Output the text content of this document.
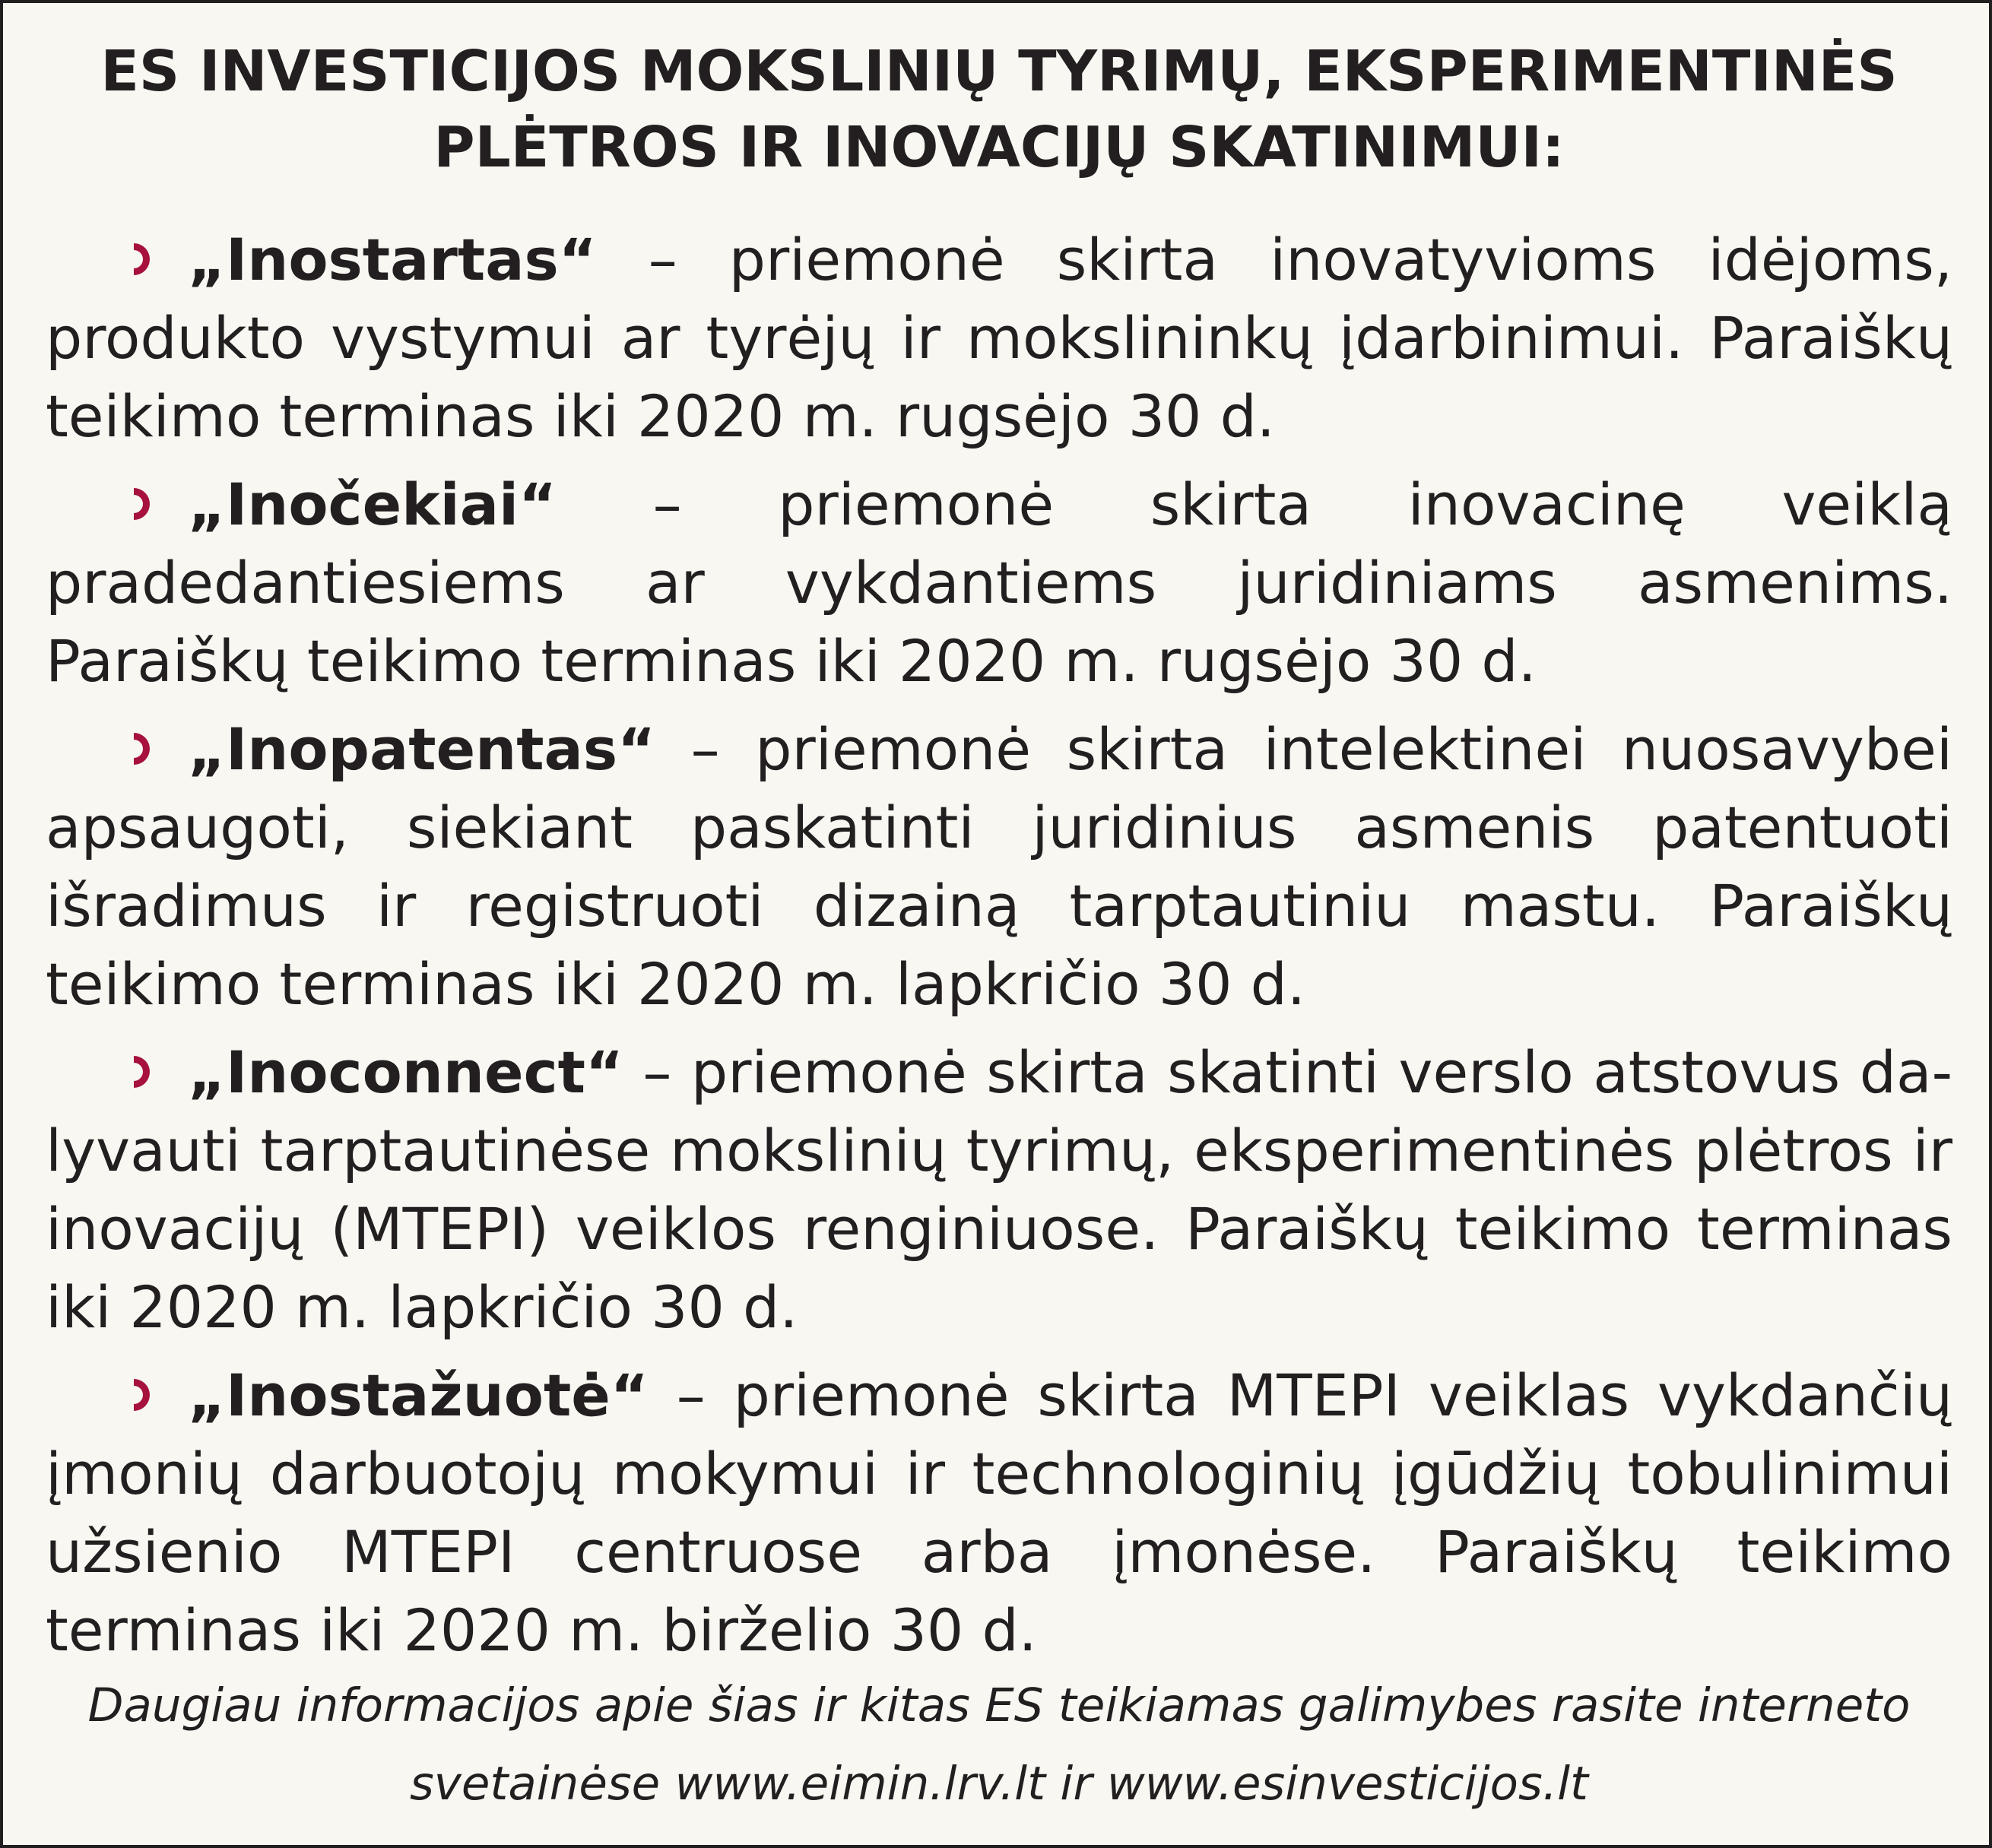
ES INVESTICIJOS MOKSLINIŲ TYRIMŲ, EKSPERIMENTINĖS
PLĖTROS IR INOVACIJŲ SKATINIMUI:
„Inostartas“ – priemonė skirta inovatyvioms idėjoms, produkto vystymui ar tyrėjų ir mokslininkų įdarbinimui. Paraiškų teikimo terminas iki 2020 m. rugsėjo 30 d.
„Inočekiai“ – priemonė skirta inovacinę veiklą pradedantiesiems ar vykdantiems juridiniams asmenims. Paraiškų teikimo terminas iki 2020 m. rugsėjo 30 d.
„Inopatentas“ – priemonė skirta intelektinei nuosavybei apsaugoti, siekiant paskatinti juridinius asmenis patentuoti išradimus ir registruoti dizainą tarptautiniu mastu. Paraiškų teikimo terminas iki 2020 m. lapkričio 30 d.
„Inoconnect“ – priemonė skirta skatinti verslo atstovus dalyvauti tarptautinėse mokslinių tyrimų, eksperimentinės plėtros ir inovacijų (MTEPI) veiklos renginiuose. Paraiškų teikimo terminas iki 2020 m. lapkričio 30 d.
„Inostažuotė“ – priemonė skirta MTEPI veiklas vykdančių įmonių darbuotojų mokymui ir technologinių įgūdžių tobulinimui užsienio MTEPI centruose arba įmonėse. Paraiškų teikimo terminas iki 2020 m. birželio 30 d.
Daugiau informacijos apie šias ir kitas ES teikiamas galimybes rasite interneto
svetainėse www.eimin.lrv.lt ir www.esinvesticijos.lt
